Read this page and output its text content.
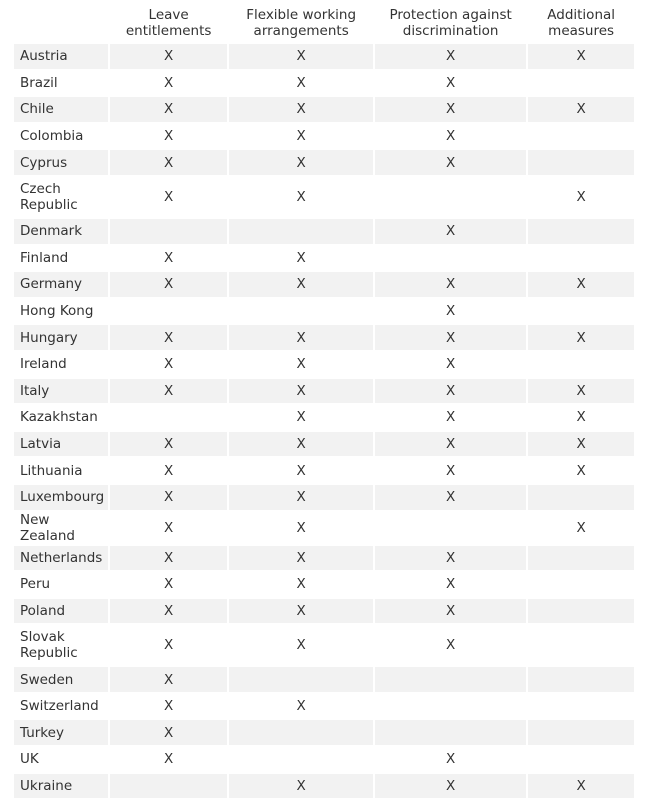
	Leave entitlements	Flexible working arrangements	Protection against discrimination	Additional measures
Austria	X	X	X	X
Brazil	X	X	X	
Chile	X	X	X	X
Colombia	X	X	X	
Cyprus	X	X	X	
Czech Republic	X	X		X
Denmark			X	
Finland	X	X		
Germany	X	X	X	X
Hong Kong			X	
Hungary	X	X	X	X
Ireland	X	X	X	
Italy	X	X	X	X
Kazakhstan		X	X	X
Latvia	X	X	X	X
Lithuania	X	X	X	X
Luxembourg	X	X	X	
New Zealand	X	X		X
Netherlands	X	X	X	
Peru	X	X	X	
Poland	X	X	X	
Slovak Republic	X	X	X	
Sweden	X			
Switzerland	X	X		
Turkey	X			
UK	X		X	
Ukraine		X	X	X
